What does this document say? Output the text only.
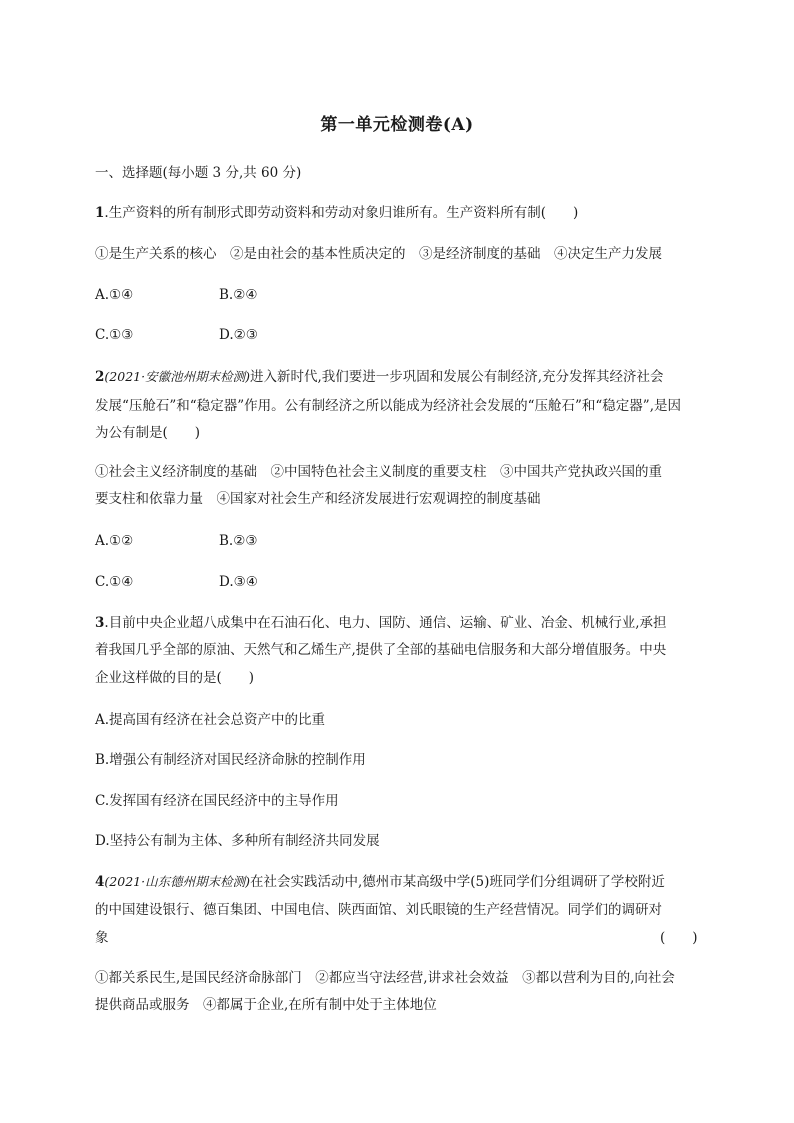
第一单元检测卷(A)
一、选择题(每小题 3 分,共 60 分)
1.生产资料的所有制形式即劳动资料和劳动对象归谁所有。生产资料所有制(　　)
①是生产关系的核心　②是由社会的基本性质决定的　③是经济制度的基础　④决定生产力发展
A.①④	B.②④
C.①③	D.②③
2(2021·安徽池州期末检测)进入新时代,我们要进一步巩固和发展公有制经济,充分发挥其经济社会
发展“压舱石”和“稳定器”作用。公有制经济之所以能成为经济社会发展的“压舱石”和“稳定器”,是因
为公有制是(　　)
①社会主义经济制度的基础　②中国特色社会主义制度的重要支柱　③中国共产党执政兴国的重
要支柱和依靠力量　④国家对社会生产和经济发展进行宏观调控的制度基础
A.①②	B.②③
C.①④	D.③④
3.目前中央企业超八成集中在石油石化、电力、国防、通信、运输、矿业、冶金、机械行业,承担
着我国几乎全部的原油、天然气和乙烯生产,提供了全部的基础电信服务和大部分增值服务。中央
企业这样做的目的是(　　)
A.提高国有经济在社会总资产中的比重
B.增强公有制经济对国民经济命脉的控制作用
C.发挥国有经济在国民经济中的主导作用
D.坚持公有制为主体、多种所有制经济共同发展
4(2021·山东德州期末检测)在社会实践活动中,德州市某高级中学(5)班同学们分组调研了学校附近
的中国建设银行、德百集团、中国电信、陕西面馆、刘氏眼镜的生产经营情况。同学们的调研对
象	(　　)
①都关系民生,是国民经济命脉部门　②都应当守法经营,讲求社会效益　③都以营利为目的,向社会
提供商品或服务　④都属于企业,在所有制中处于主体地位
